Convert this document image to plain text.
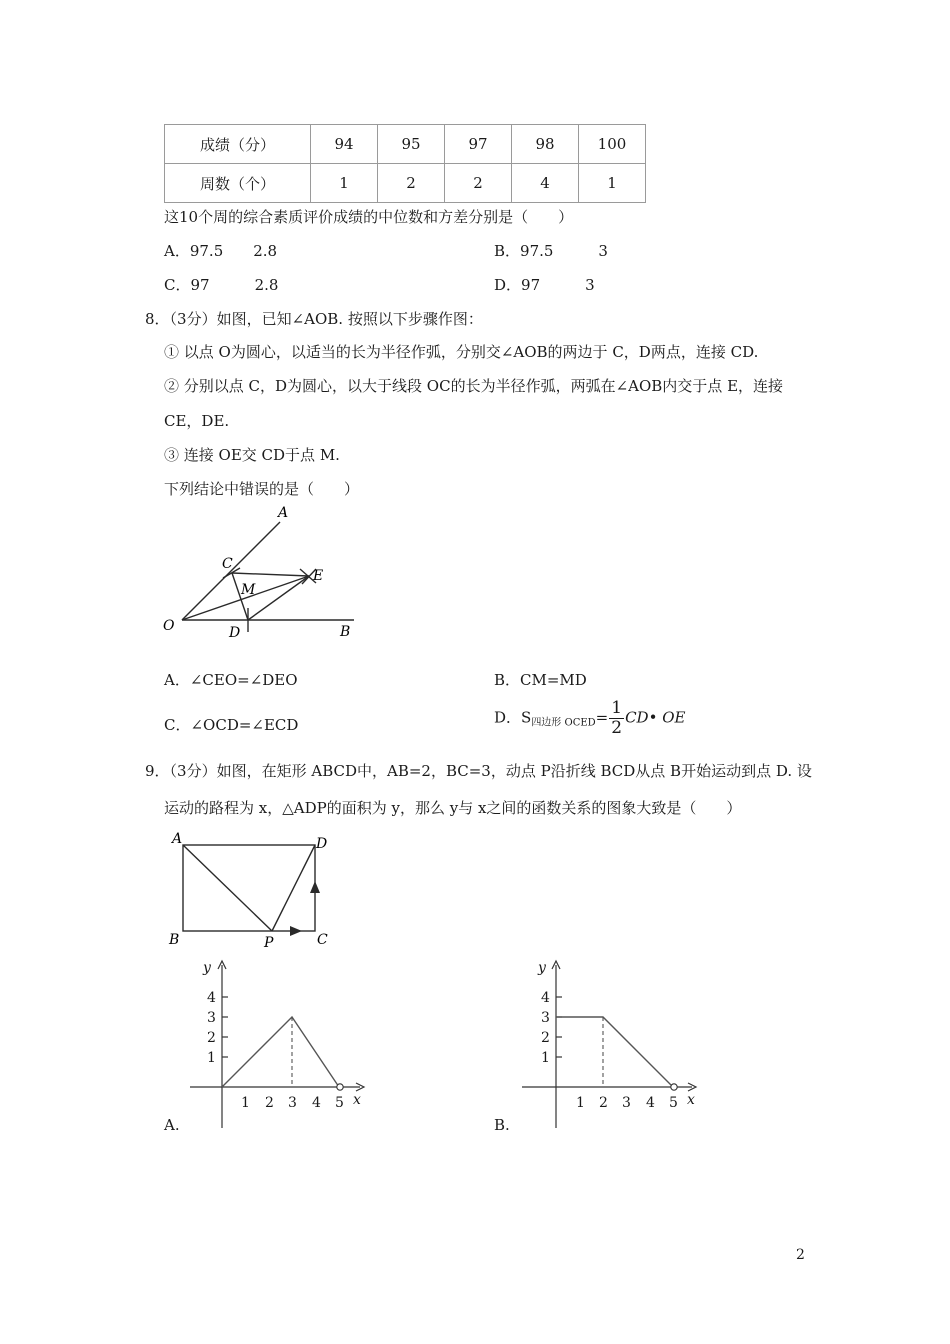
成绩（分）	94	95	97	98	100
周数（个）	1	2	2	4	1
这10个周的综合素质评价成绩的中位数和方差分别是（　　）
A．97.5　　2.8	B．97.5　　　3
C．97　　　2.8	D．97　　　3
8．（3分）如图，已知∠AOB. 按照以下步骤作图：
① 以点 O为圆心，以适当的长为半径作弧，分别交∠AOB的两边于 C，D两点，连接 CD.
② 分别以点 C，D为圆心，以大于线段 OC的长为半径作弧，两弧在∠AOB内交于点 E，连接
CE，DE.
③ 连接 OE交 CD于点 M.
下列结论中错误的是（　　）
A
B
C
D
E
M
O
A．∠CEO=∠DEO	B．CM=MD
C．∠OCD=∠ECD	D．$S_{四边形 OCED}= \frac{1}{2}$ CD• OE
9．（3分）如图，在矩形 ABCD中，AB=2，BC=3，动点 P沿折线 BCD从点 B开始运动到点 D. 设
运动的路程为 x，△ADP的面积为 y，那么 y与 x之间的函数关系的图象大致是（　　）
A	D
B	C
P
y
x
1
2
3
4
1 2 3 4 5
A.
y
x
1
2
3
4
1 2 3 4 5
B.
2
